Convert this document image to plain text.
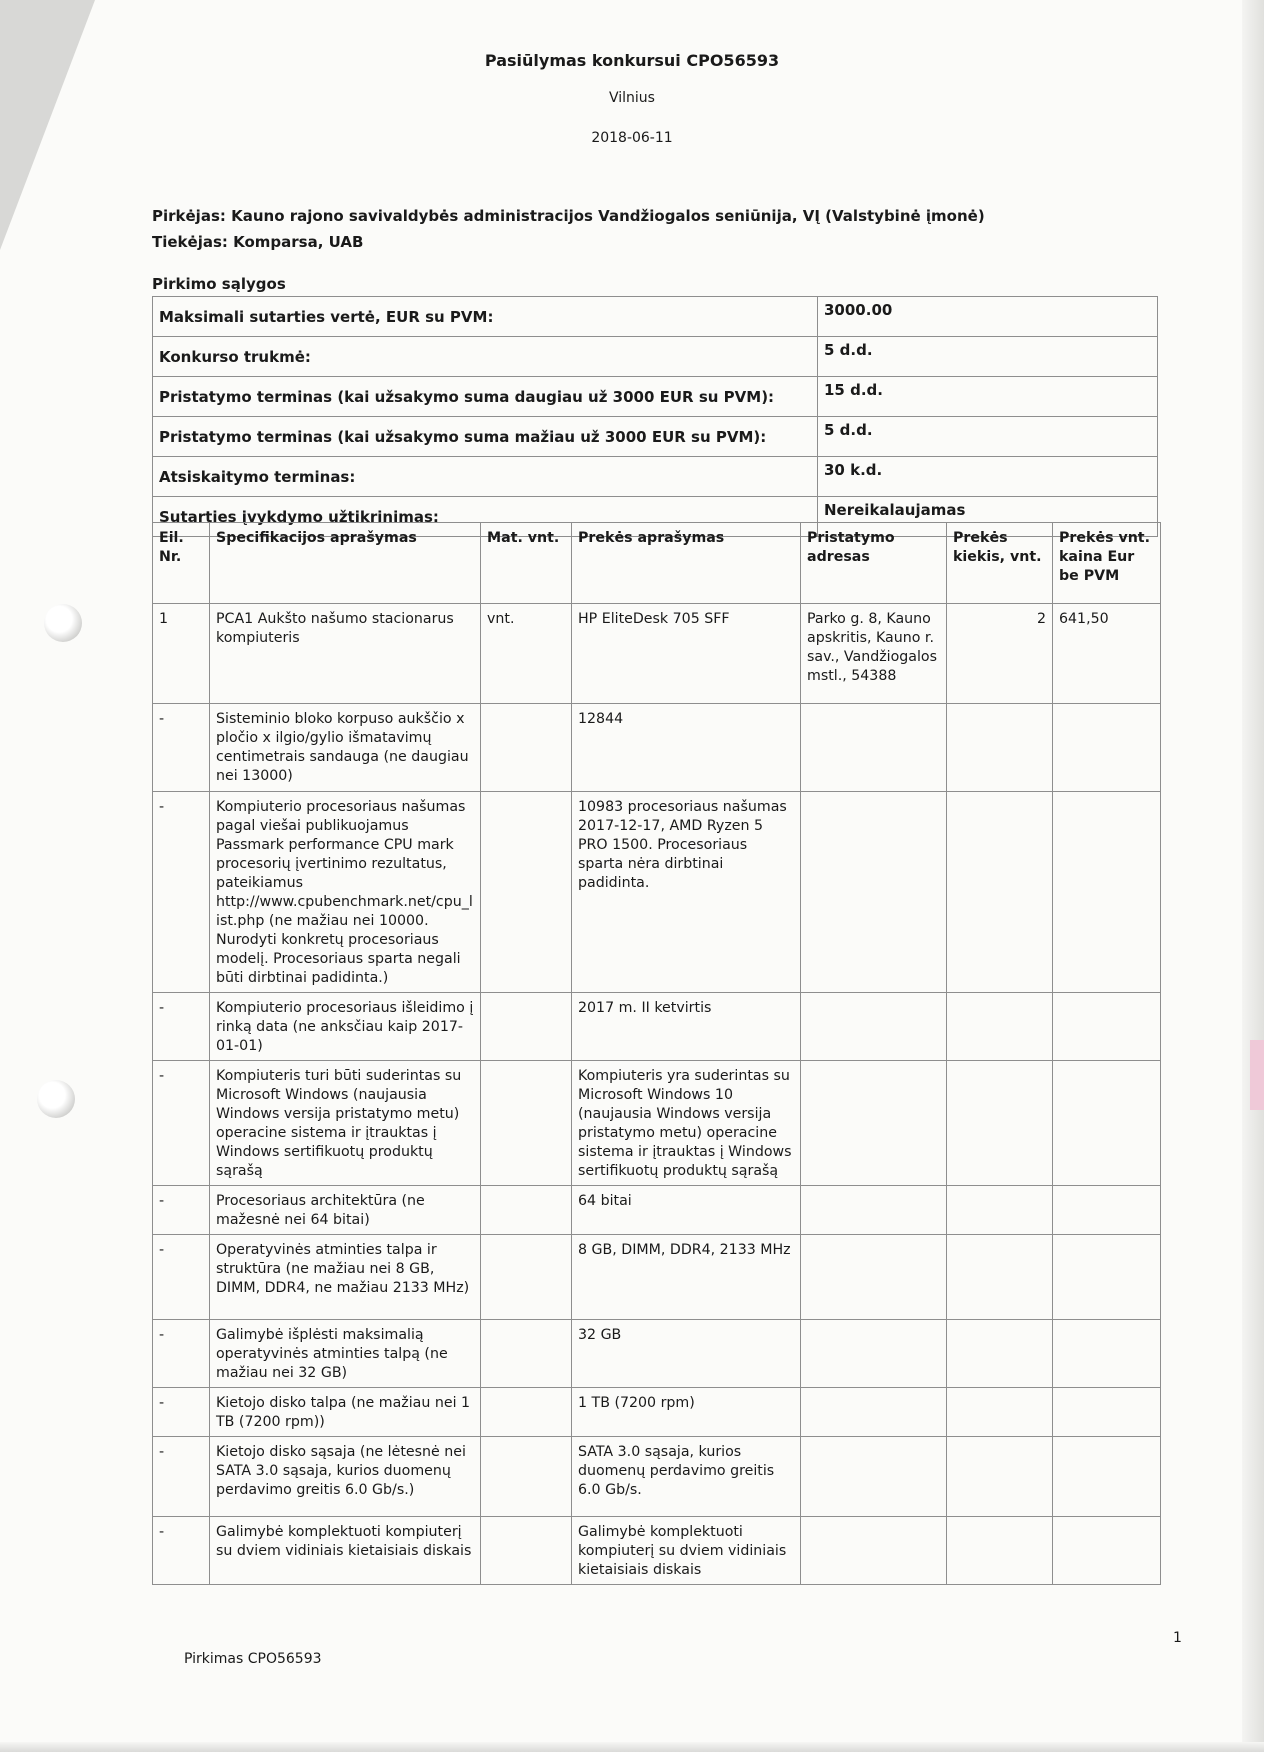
Pasiūlymas konkursui CPO56593
Vilnius
2018-06-11
Pirkėjas: Kauno rajono savivaldybės administracijos Vandžiogalos seniūnija, VĮ (Valstybinė įmonė)
Tiekėjas: Komparsa, UAB
Pirkimo sąlygos
Maksimali sutarties vertė, EUR su PVM:	3000.00
Konkurso trukmė:	5 d.d.
Pristatymo terminas (kai užsakymo suma daugiau už 3000 EUR su PVM):	15 d.d.
Pristatymo terminas (kai užsakymo suma mažiau už 3000 EUR su PVM):	5 d.d.
Atsiskaitymo terminas:	30 k.d.
Sutarties įvykdymo užtikrinimas:	Nereikalaujamas
Eil. Nr.	Specifikacijos aprašymas	Mat. vnt.	Prekės aprašymas	Pristatymo adresas	Prekės kiekis, vnt.	Prekės vnt. kaina Eur be PVM
1	PCA1 Aukšto našumo stacionarus kompiuteris	vnt.	HP EliteDesk 705 SFF	Parko g. 8, Kauno apskritis, Kauno r. sav., Vandžiogalos mstl., 54388	2	641,50
-	Sisteminio bloko korpuso aukščio x pločio x ilgio/gylio išmatavimų centimetrais sandauga (ne daugiau nei 13000)		12844			
-	Kompiuterio procesoriaus našumas pagal viešai publikuojamus Passmark performance CPU mark procesorių įvertinimo rezultatus, pateikiamus http://www.cpubenchmark.net/cpu_list.php (ne mažiau nei 10000. Nurodyti konkretų procesoriaus modelį. Procesoriaus sparta negali būti dirbtinai padidinta.)		10983 procesoriaus našumas 2017-12-17, AMD Ryzen 5 PRO 1500. Procesoriaus sparta nėra dirbtinai padidinta.			
-	Kompiuterio procesoriaus išleidimo į rinką data (ne anksčiau kaip 2017-01-01)		2017 m. II ketvirtis			
-	Kompiuteris turi būti suderintas su Microsoft Windows (naujausia Windows versija pristatymo metu) operacine sistema ir įtrauktas į Windows sertifikuotų produktų sąrašą		Kompiuteris yra suderintas su Microsoft Windows 10 (naujausia Windows versija pristatymo metu) operacine sistema ir įtrauktas į Windows sertifikuotų produktų sąrašą			
-	Procesoriaus architektūra (ne mažesnė nei 64 bitai)		64 bitai			
-	Operatyvinės atminties talpa ir struktūra (ne mažiau nei 8 GB, DIMM, DDR4, ne mažiau 2133 MHz)		8 GB, DIMM, DDR4, 2133 MHz			
-	Galimybė išplėsti maksimalią operatyvinės atminties talpą (ne mažiau nei 32 GB)		32 GB			
-	Kietojo disko talpa (ne mažiau nei 1 TB (7200 rpm))		1 TB (7200 rpm)			
-	Kietojo disko sąsaja (ne lėtesnė nei SATA 3.0 sąsaja, kurios duomenų perdavimo greitis 6.0 Gb/s.)		SATA 3.0 sąsaja, kurios duomenų perdavimo greitis 6.0 Gb/s.			
-	Galimybė komplektuoti kompiuterį su dviem vidiniais kietaisiais diskais		Galimybė komplektuoti kompiuterį su dviem vidiniais kietaisiais diskais			
Pirkimas CPO56593
1
